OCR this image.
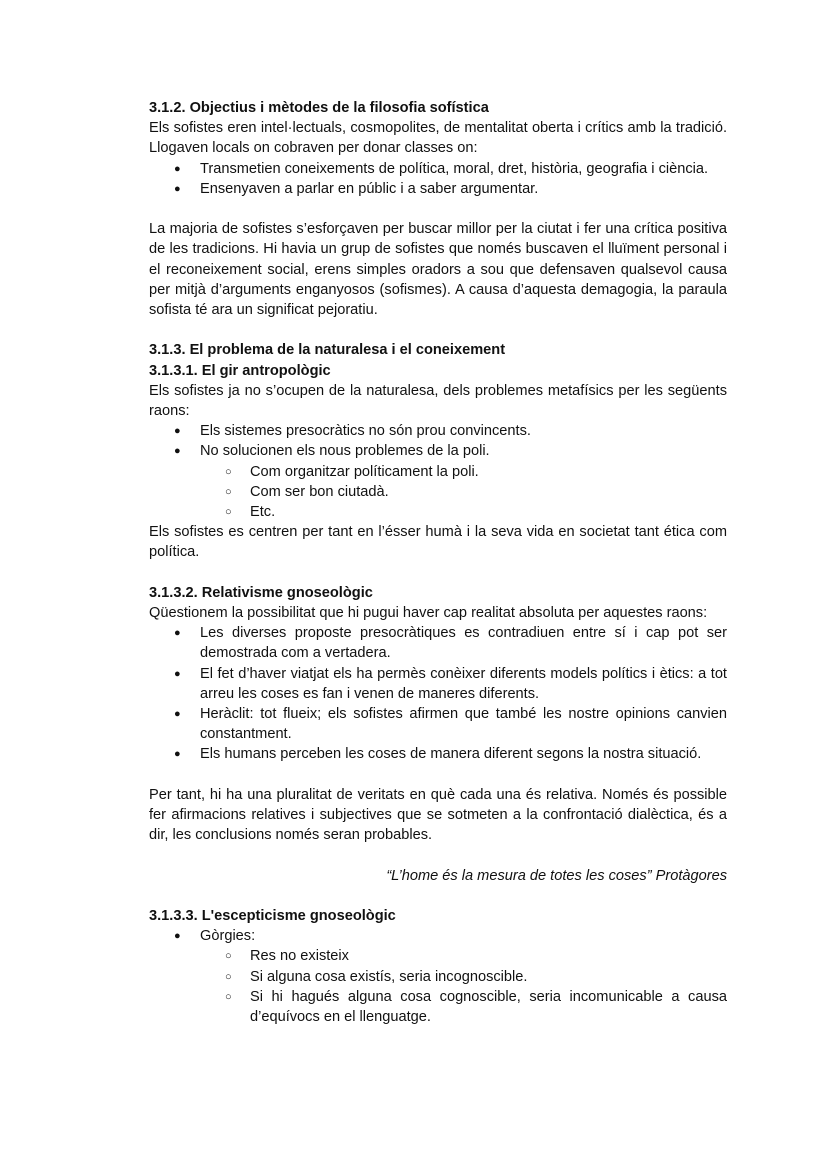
3.1.2. Objectius i mètodes de la filosofia sofística
Els sofistes eren intel·lectuals, cosmopolites, de mentalitat oberta i crítics amb la tradició. Llogaven locals on cobraven per donar classes on:
● Transmetien coneixements de política, moral, dret, història, geografia i ciència.
● Ensenyaven a parlar en públic i a saber argumentar.
La majoria de sofistes s’esforçaven per buscar millor per la ciutat i fer una crítica positiva de les tradicions. Hi havia un grup de sofistes que només buscaven el lluïment personal i el reconeixement social, erens simples oradors a sou que defensaven qualsevol causa per mitjà d’arguments enganyosos (sofismes). A causa d’aquesta demagogia, la paraula sofista té ara un significat pejoratiu.
3.1.3. El problema de la naturalesa i el coneixement
3.1.3.1. El gir antropològic
Els sofistes ja no s’ocupen de la naturalesa, dels problemes metafísics per les següents raons:
● Els sistemes presocràtics no són prou convincents.
● No solucionen els nous problemes de la poli.
○ Com organitzar políticament la poli.
○ Com ser bon ciutadà.
○ Etc.
Els sofistes es centren per tant en l’ésser humà i la seva vida en societat tant ética com política.
3.1.3.2. Relativisme gnoseològic
Qüestionem la possibilitat que hi pugui haver cap realitat absoluta per aquestes raons:
● Les diverses proposte presocràtiques es contradiuen entre sí i cap pot ser demostrada com a vertadera.
● El fet d’haver viatjat els ha permès conèixer diferents models polítics i ètics: a tot arreu les coses es fan i venen de maneres diferents.
● Heràclit: tot flueix; els sofistes afirmen que també les nostre opinions canvien constantment.
● Els humans perceben les coses de manera diferent segons la nostra situació.
Per tant, hi ha una pluralitat de veritats en què cada una és relativa. Només és possible fer afirmacions relatives i subjectives que se sotmeten a la confrontació dialèctica, és a dir, les conclusions només seran probables.
“L’home és la mesura de totes les coses” Protàgores
3.1.3.3. L'escepticisme gnoseològic
● Gòrgies:
○ Res no existeix
○ Si alguna cosa existís, seria incognoscible.
○ Si hi hagués alguna cosa cognoscible, seria incomunicable a causa d’equívocs en el llenguatge.
